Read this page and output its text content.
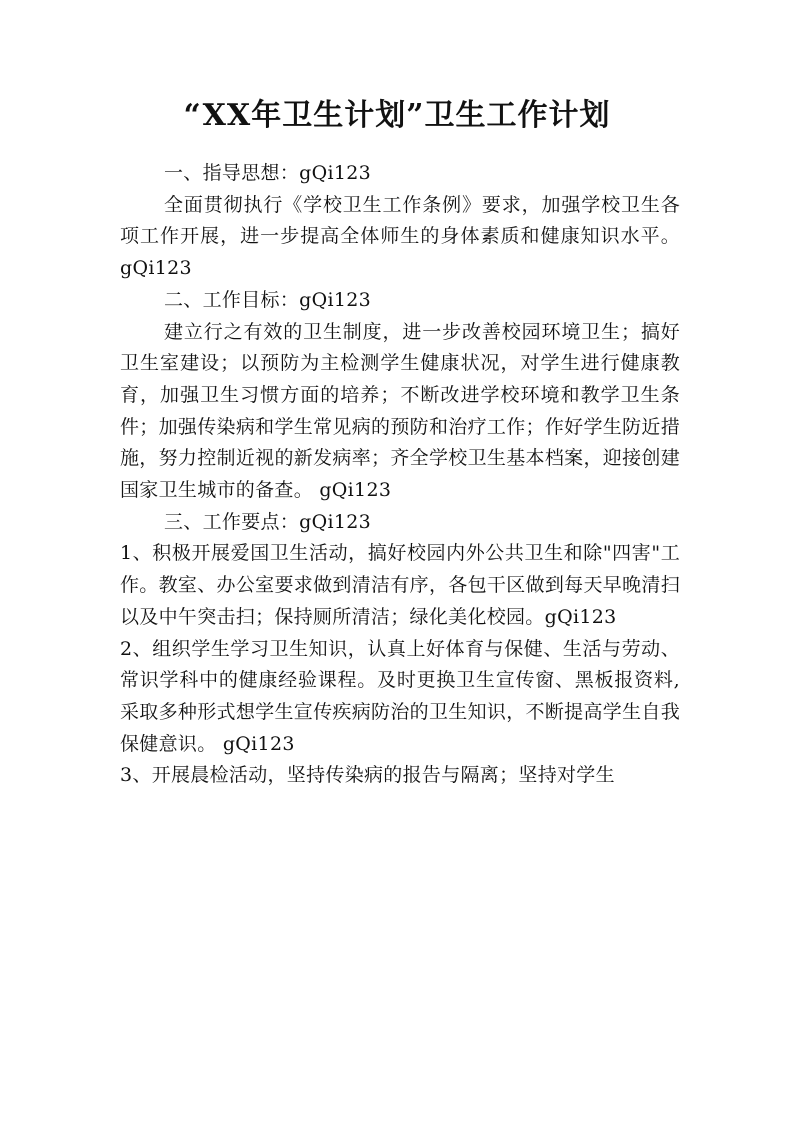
“XX年卫生计划”卫生工作计划

一、指导思想：gQi123

全面贯彻执行《学校卫生工作条例》要求，加强学校卫生各项工作开展，进一步提高全体师生的身体素质和健康知识水平。gQi123

二、工作目标：gQi123

建立行之有效的卫生制度，进一步改善校园环境卫生；搞好卫生室建设；以预防为主检测学生健康状况，对学生进行健康教育，加强卫生习惯方面的培养；不断改进学校环境和教学卫生条件；加强传染病和学生常见病的预防和治疗工作；作好学生防近措施，努力控制近视的新发病率；齐全学校卫生基本档案，迎接创建国家卫生城市的备查。 gQi123

三、工作要点：gQi123

1、积极开展爱国卫生活动，搞好校园内外公共卫生和除"四害"工作。教室、办公室要求做到清洁有序，各包干区做到每天早晚清扫以及中午突击扫；保持厕所清洁；绿化美化校园。gQi123

2、组织学生学习卫生知识，认真上好体育与保健、生活与劳动、常识学科中的健康经验课程。及时更换卫生宣传窗、黑板报资料,采取多种形式想学生宣传疾病防治的卫生知识，不断提高学生自我保健意识。 gQi123

3、开展晨检活动，坚持传染病的报告与隔离；坚持对学生
